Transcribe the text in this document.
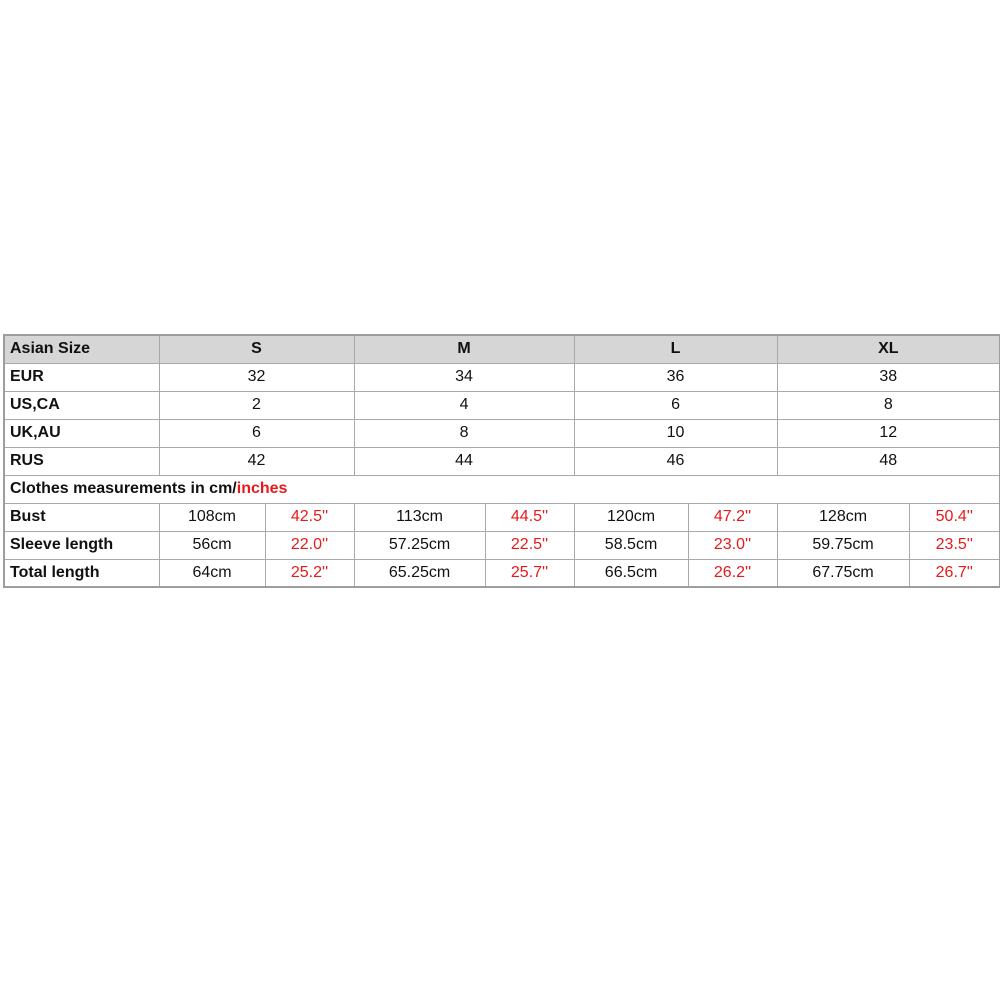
Asian Size	S		M		L		XL	
EUR	32		34		36		38	
US,CA	2		4		6		8	
UK,AU	6		8		10		12	
RUS	42		44		46		48	
Clothes measurements in cm/inches								
Bust	108cm	42.5''	113cm	44.5''	120cm	47.2''	128cm	50.4''
Sleeve length	56cm	22.0''	57.25cm	22.5''	58.5cm	23.0''	59.75cm	23.5''
Total length	64cm	25.2''	65.25cm	25.7''	66.5cm	26.2''	67.75cm	26.7''
